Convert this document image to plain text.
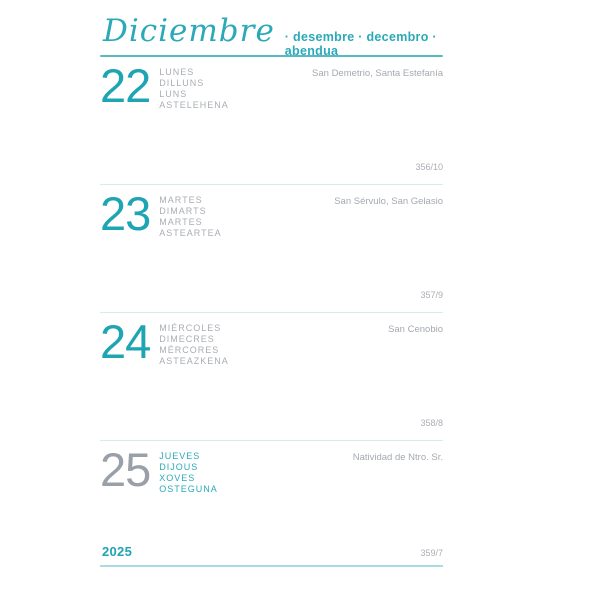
Diciembre · desembre · decembro · abendua
22 LUNES
DILLUNS
LUNS
ASTELEHENA
San Demetrio, Santa Estefanía
356/10
23 MARTES
DIMARTS
MARTES
ASTEARTEA
San Sérvulo, San Gelasio
357/9
24 MIÉRCOLES
DIMECRES
MÉRCORES
ASTEAZKENA
San Cenobio
358/8
25 JUEVES
DIJOUS
XOVES
OSTEGUNA
Natividad de Ntro. Sr.
2025	359/7
